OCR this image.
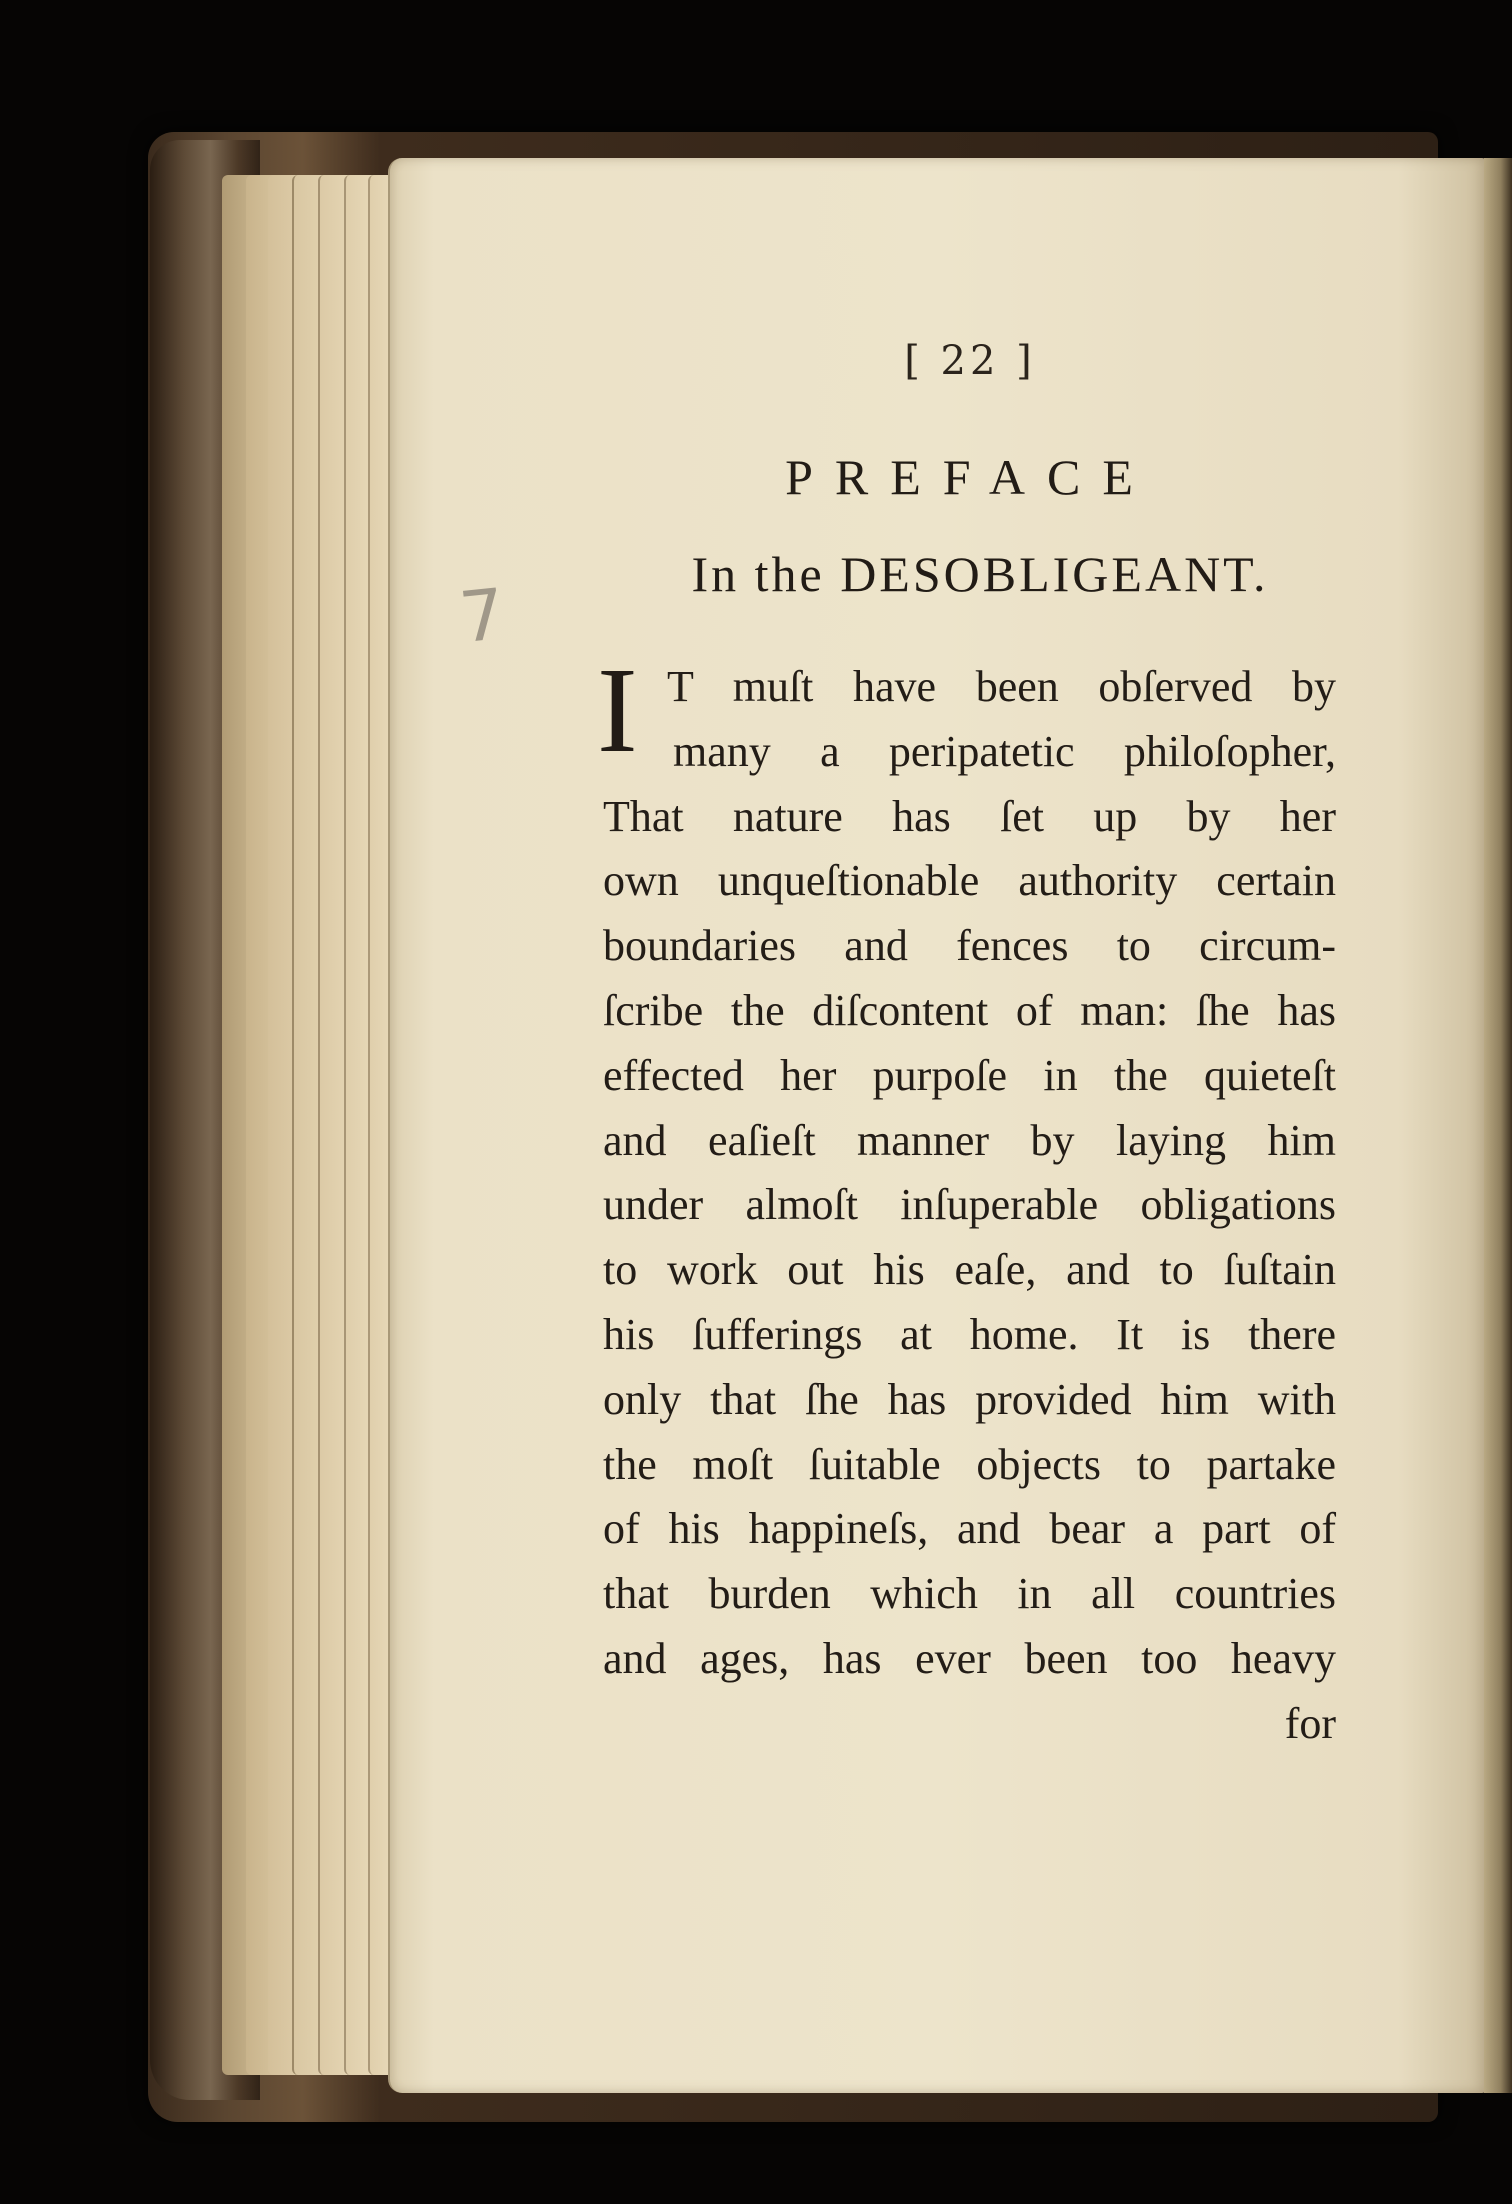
[ 22 ]
PREFACE
In the DESOBLIGEANT.
7
I T muſt have been obſerved by
many a peripatetic philoſopher,
That nature has ſet up by her
own unqueſtionable authority certain
boundaries and fences to circum-
ſcribe the diſcontent of man: ſhe has
effected her purpoſe in the quieteſt
and eaſieſt manner by laying him
under almoſt inſuperable obligations
to work out his eaſe, and to ſuſtain
his ſufferings at home. It is there
only that ſhe has provided him with
the moſt ſuitable objects to partake
of his happineſs, and bear a part of
that burden which in all countries
and ages, has ever been too heavy
for
